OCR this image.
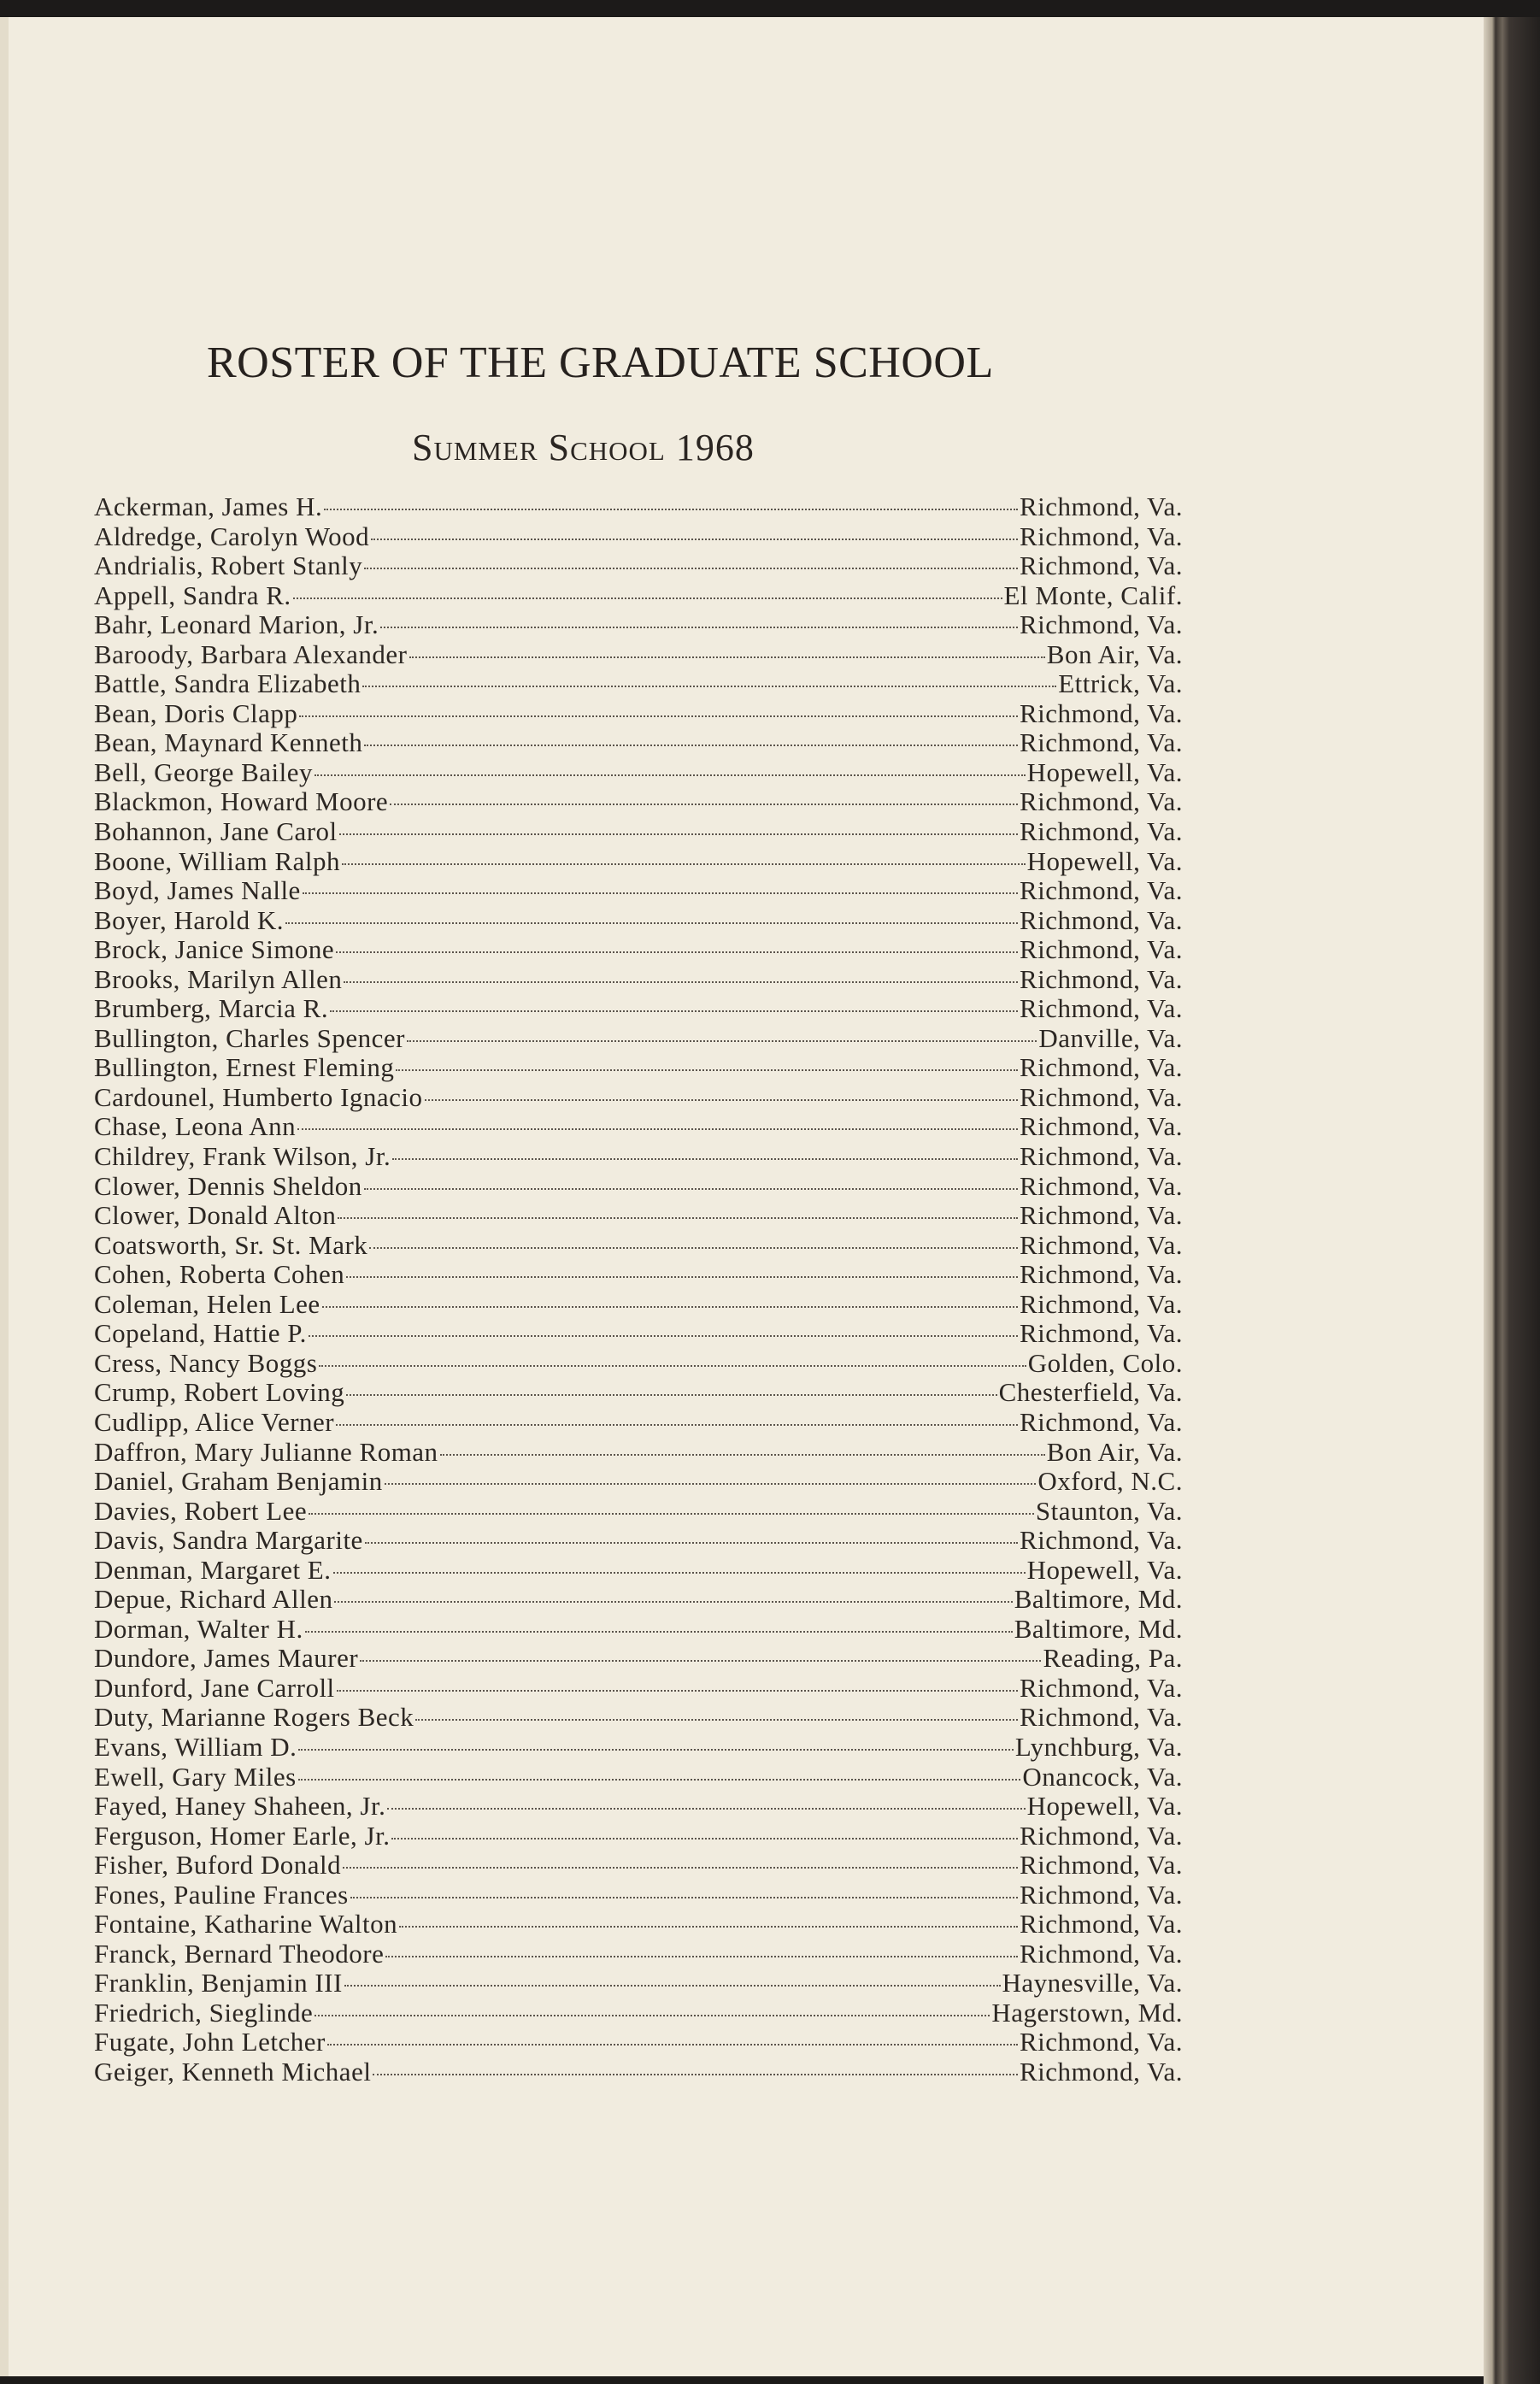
ROSTER OF THE GRADUATE SCHOOL
Summer School 1968
Ackerman, James H.	Richmond, Va.
Aldredge, Carolyn Wood	Richmond, Va.
Andrialis, Robert Stanly	Richmond, Va.
Appell, Sandra R.	El Monte, Calif.
Bahr, Leonard Marion, Jr.	Richmond, Va.
Baroody, Barbara Alexander	Bon Air, Va.
Battle, Sandra Elizabeth	Ettrick, Va.
Bean, Doris Clapp	Richmond, Va.
Bean, Maynard Kenneth	Richmond, Va.
Bell, George Bailey	Hopewell, Va.
Blackmon, Howard Moore	Richmond, Va.
Bohannon, Jane Carol	Richmond, Va.
Boone, William Ralph	Hopewell, Va.
Boyd, James Nalle	Richmond, Va.
Boyer, Harold K.	Richmond, Va.
Brock, Janice Simone	Richmond, Va.
Brooks, Marilyn Allen	Richmond, Va.
Brumberg, Marcia R.	Richmond, Va.
Bullington, Charles Spencer	Danville, Va.
Bullington, Ernest Fleming	Richmond, Va.
Cardounel, Humberto Ignacio	Richmond, Va.
Chase, Leona Ann	Richmond, Va.
Childrey, Frank Wilson, Jr.	Richmond, Va.
Clower, Dennis Sheldon	Richmond, Va.
Clower, Donald Alton	Richmond, Va.
Coatsworth, Sr. St. Mark	Richmond, Va.
Cohen, Roberta Cohen	Richmond, Va.
Coleman, Helen Lee	Richmond, Va.
Copeland, Hattie P.	Richmond, Va.
Cress, Nancy Boggs	Golden, Colo.
Crump, Robert Loving	Chesterfield, Va.
Cudlipp, Alice Verner	Richmond, Va.
Daffron, Mary Julianne Roman	Bon Air, Va.
Daniel, Graham Benjamin	Oxford, N.C.
Davies, Robert Lee	Staunton, Va.
Davis, Sandra Margarite	Richmond, Va.
Denman, Margaret E.	Hopewell, Va.
Depue, Richard Allen	Baltimore, Md.
Dorman, Walter H.	Baltimore, Md.
Dundore, James Maurer	Reading, Pa.
Dunford, Jane Carroll	Richmond, Va.
Duty, Marianne Rogers Beck	Richmond, Va.
Evans, William D.	Lynchburg, Va.
Ewell, Gary Miles	Onancock, Va.
Fayed, Haney Shaheen, Jr.	Hopewell, Va.
Ferguson, Homer Earle, Jr.	Richmond, Va.
Fisher, Buford Donald	Richmond, Va.
Fones, Pauline Frances	Richmond, Va.
Fontaine, Katharine Walton	Richmond, Va.
Franck, Bernard Theodore	Richmond, Va.
Franklin, Benjamin III	Haynesville, Va.
Friedrich, Sieglinde	Hagerstown, Md.
Fugate, John Letcher	Richmond, Va.
Geiger, Kenneth Michael	Richmond, Va.
